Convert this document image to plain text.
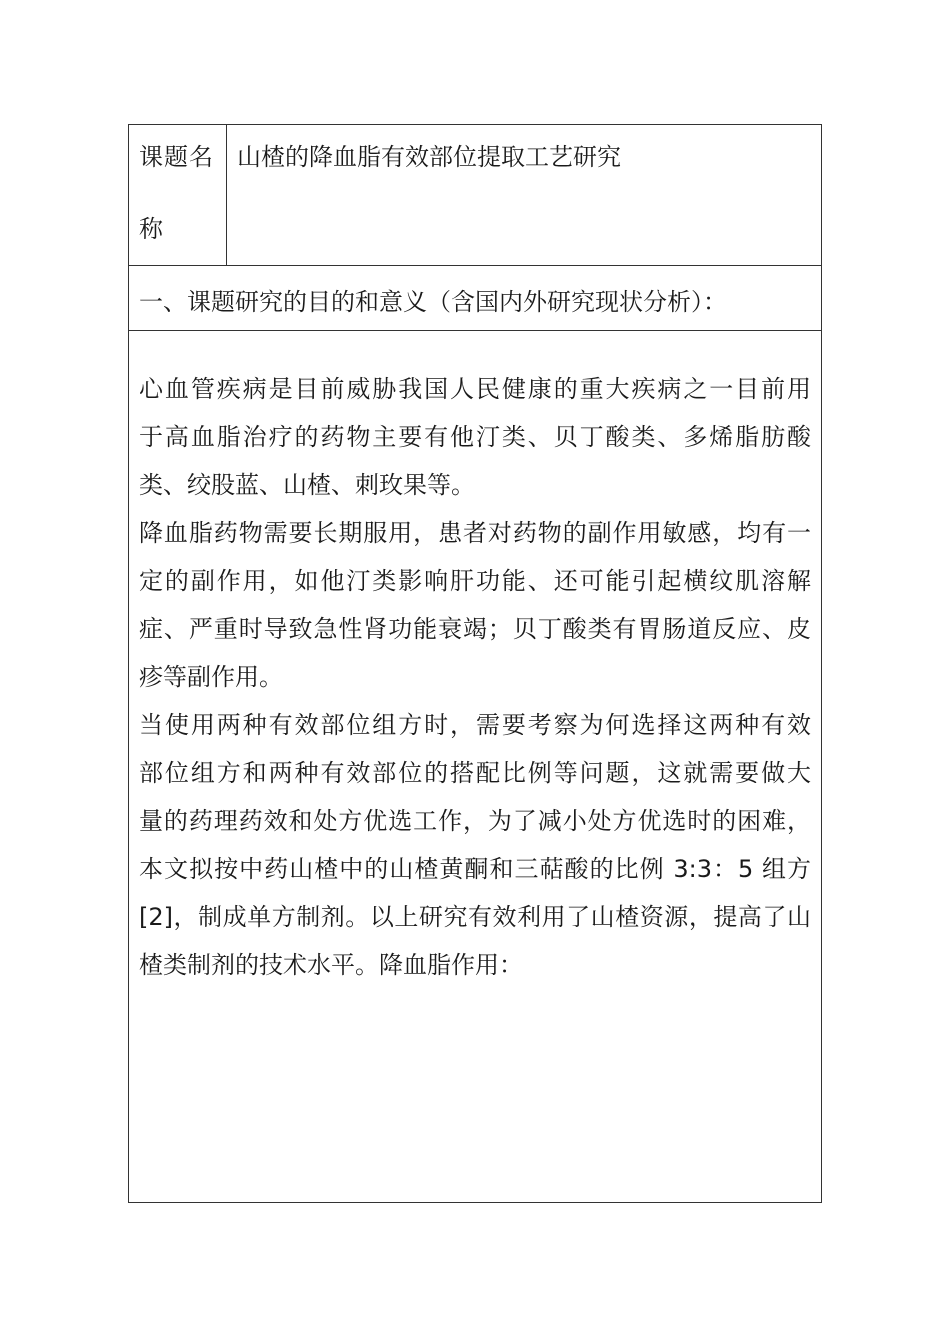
课题名
称
山楂的降血脂有效部位提取工艺研究
一、课题研究的目的和意义（含国内外研究现状分析）：
心血管疾病是目前威胁我国人民健康的重大疾病之一目前用
于高血脂治疗的药物主要有他汀类、贝丁酸类、多烯脂肪酸
类、绞股蓝、山楂、刺玫果等。
降血脂药物需要长期服用，患者对药物的副作用敏感，均有一
定的副作用，如他汀类影响肝功能、还可能引起横纹肌溶解
症、严重时导致急性肾功能衰竭；贝丁酸类有胃肠道反应、皮
疹等副作用。
当使用两种有效部位组方时，需要考察为何选择这两种有效
部位组方和两种有效部位的搭配比例等问题，这就需要做大
量的药理药效和处方优选工作，为了减小处方优选时的困难，
本文拟按中药山楂中的山楂黄酮和三萜酸的比例 3:3：5 组方
[2]，制成单方制剂。以上研究有效利用了山楂资源，提高了山
楂类制剂的技术水平。降血脂作用：
